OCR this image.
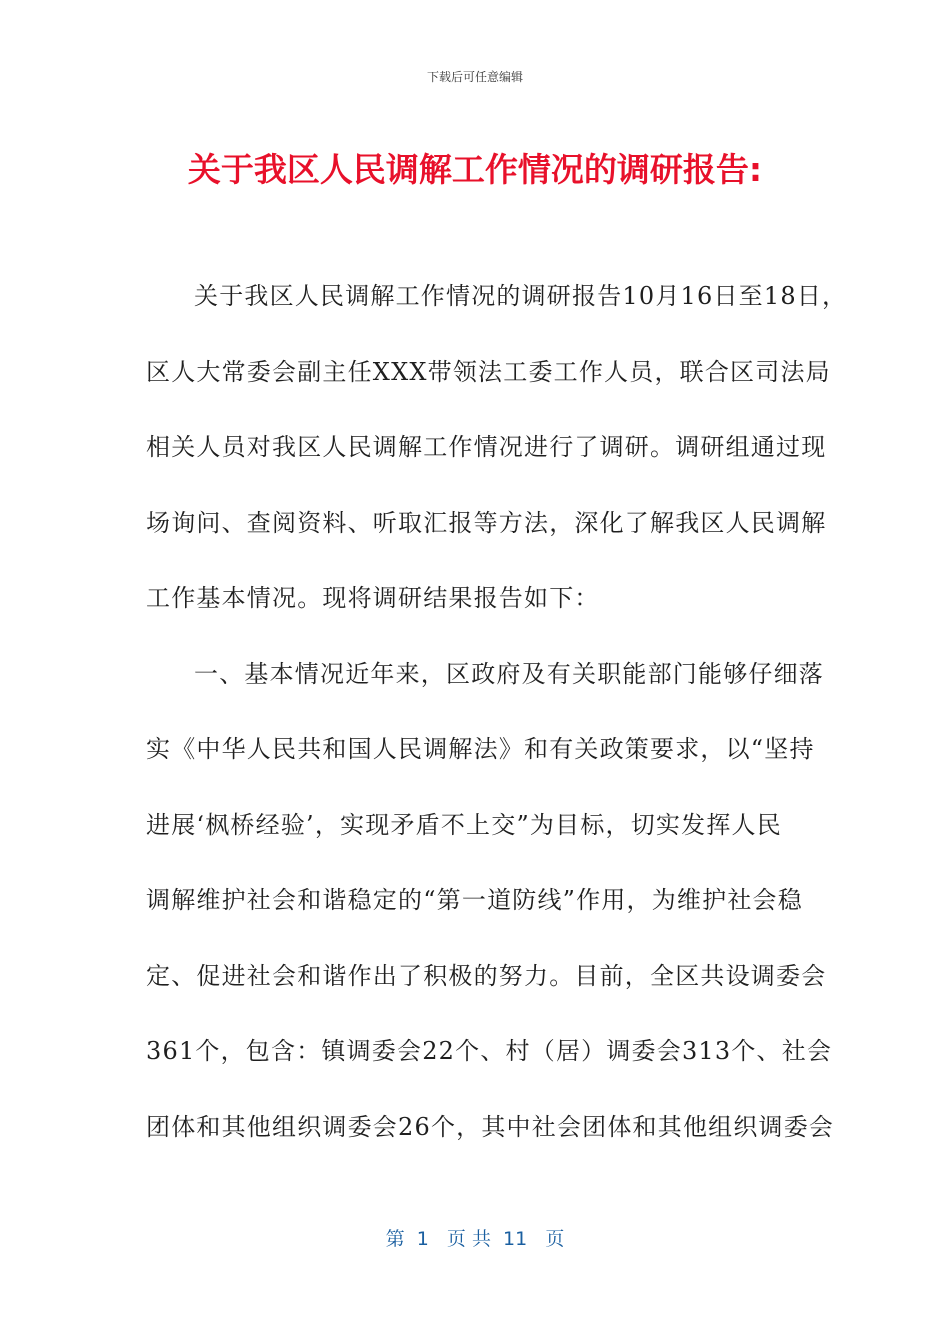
下载后可任意编辑
关于我区人民调解工作情况的调研报告:
关于我区人民调解工作情况的调研报告10月16日至18日，
区人大常委会副主任XXX带领法工委工作人员，联合区司法局
相关人员对我区人民调解工作情况进行了调研。调研组通过现
场询问、查阅资料、听取汇报等方法，深化了解我区人民调解
工作基本情况。现将调研结果报告如下：
一、基本情况近年来，区政府及有关职能部门能够仔细落
实《中华人民共和国人民调解法》和有关政策要求，以“坚持
进展‘枫桥经验’，实现矛盾不上交”为目标，切实发挥人民
调解维护社会和谐稳定的“第一道防线”作用，为维护社会稳
定、促进社会和谐作出了积极的努力。目前，全区共设调委会
361个，包含：镇调委会22个、村（居）调委会313个、社会
团体和其他组织调委会26个，其中社会团体和其他组织调委会
第  1   页 共  11   页
